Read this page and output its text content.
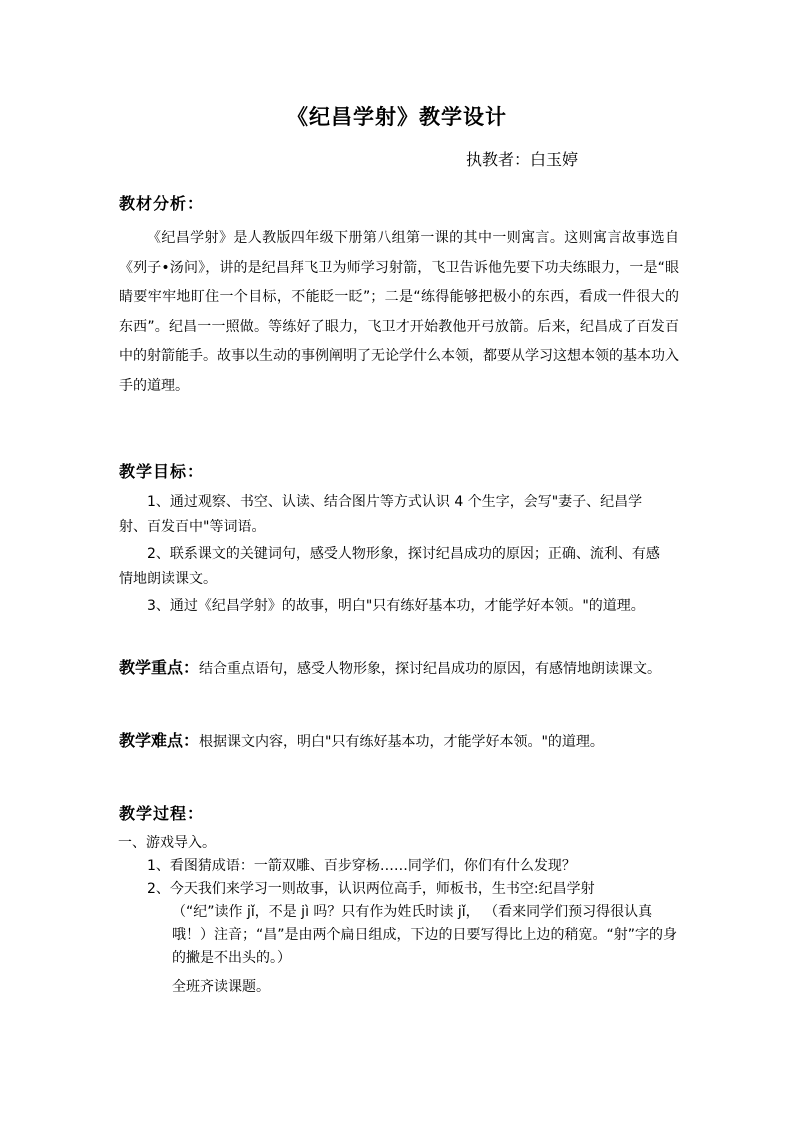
《纪昌学射》教学设计
执教者：白玉婷
教材分析：
《纪昌学射》是人教版四年级下册第八组第一课的其中一则寓言。这则寓言故事选自《列子•汤问》，讲的是纪昌拜飞卫为师学习射箭，飞卫告诉他先要下功夫练眼力，一是“眼睛要牢牢地盯住一个目标，不能眨一眨”；二是“练得能够把极小的东西，看成一件很大的东西”。纪昌一一照做。等练好了眼力，飞卫才开始教他开弓放箭。后来，纪昌成了百发百中的射箭能手。故事以生动的事例阐明了无论学什么本领，都要从学习这想本领的基本功入手的道理。
教学目标：
1、通过观察、书空、认读、结合图片等方式认识 4 个生字，会写"妻子、纪昌学射、百发百中"等词语。
2、联系课文的关键词句，感受人物形象，探讨纪昌成功的原因；正确、流利、有感情地朗读课文。
3、通过《纪昌学射》的故事，明白"只有练好基本功，才能学好本领。"的道理。
教学重点：结合重点语句，感受人物形象，探讨纪昌成功的原因，有感情地朗读课文。
教学难点：根据课文内容，明白"只有练好基本功，才能学好本领。"的道理。
教学过程：
一、游戏导入。
1、看图猜成语：一箭双雕、百步穿杨……同学们，你们有什么发现？
2、今天我们来学习一则故事，认识两位高手，师板书，生书空:纪昌学射
（“纪”读作 jǐ，不是 jì 吗？只有作为姓氏时读 jǐ， （看来同学们预习得很认真哦！）注音；“昌”是由两个扁日组成，下边的日要写得比上边的稍宽。“射”字的身的撇是不出头的。）
全班齐读课题。
